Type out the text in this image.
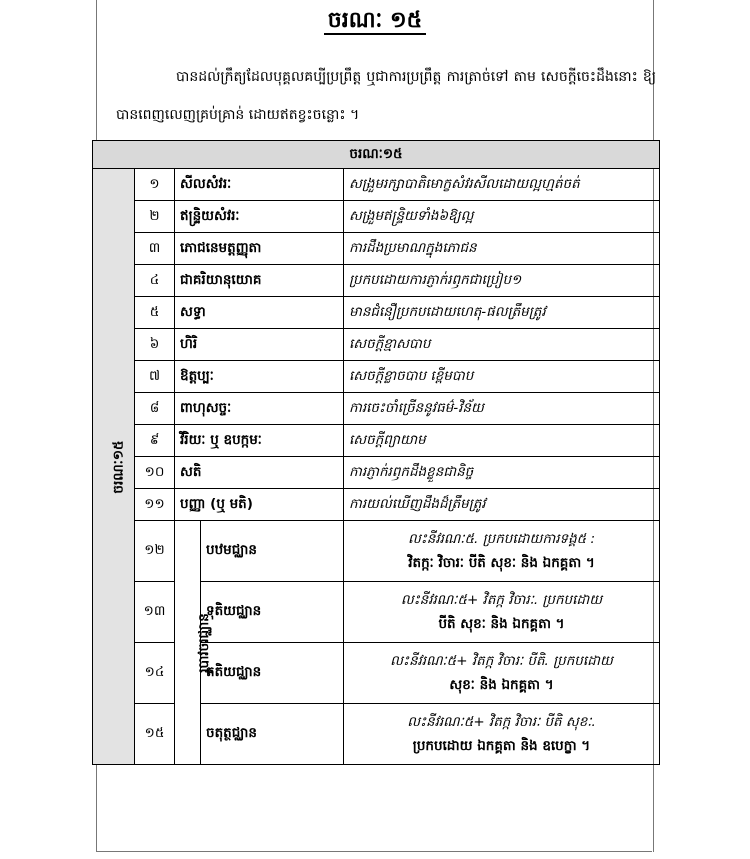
ចរណៈ ១៥
បានដល់ក្រឹត្យដែលបុគ្គលគប្បីប្រព្រឹត្ត ឬជាការប្រព្រឹត្ត ការត្រាច់ទៅ តាម សេចក្ដីចេះដឹងនោះ ឱ្យបានពេញលេញគ្រប់គ្រាន់ ដោយឥតខ្វះចន្លោះ ។
ចរណៈ១៥				
ចរណៈ១៥	១	សីលសំវរៈ		សង្រួមរក្សាបាតិមោក្ខសំវរសីលដោយល្អហ្មត់ចត់
	២	ឥន្ទ្រិយសំវរៈ		សង្រួមឥន្ទ្រិយទាំង៦ឱ្យល្អ
	៣	ភោជនេមត្តញ្ញុតា		ការដឹងប្រមាណក្នុងភោជន
	៤	ជាគរិយានុយោគ		ប្រកបដោយការភ្ញាក់រឭកជាប្រៀប១
	៥	សទ្ធា		មានជំនឿប្រកបដោយហេតុ-ផលត្រឹមត្រូវ
	៦	ហិរិ		សេចក្ដីខ្មាសបាប
	៧	ឱត្តប្បៈ		សេចក្ដីខ្លាចបាប ខ្ពើមបាប
	៨	ពាហុសច្ចៈ		ការចេះចាំច្រើននូវធម៌-វិន័យ
	៩	វីរិយៈ ឬ ឧបក្កមៈ		សេចក្ដីព្យាយាម
	១០	សតិ		ការភ្ញាក់រឭកដឹងខ្លួនជានិច្ច
	១១	បញ្ញា (ឬ មតិ)		ការយល់ឃើញដឹងដ៏ត្រឹមត្រូវ
	១២	រូបាវចរជ្ឈាន	បឋមជ្ឈាន	លះនីវរណៈ៥. ប្រកបដោយការទង្គ៥ :
វិតក្កៈ វិចារៈ បីតិ សុខៈ និង ឯកគ្គតា ។
	១៣		ទុតិយជ្ឈាន	លះនីវរណៈ៥+ វិតក្ក វិចារៈ. ប្រកបដោយ
បីតិ សុខៈ និង ឯកគ្គតា ។
	១៤		តតិយជ្ឈាន	លះនីវរណៈ៥+ វិតក្ក វិចារៈ បីតិ. ប្រកបដោយ
សុខៈ និង ឯកគ្គតា ។
	១៥		ចតុត្ថជ្ឈាន	លះនីវរណៈ៥+ វិតក្ក វិចារៈ បីតិ សុខៈ.
ប្រកបដោយ ឯកគ្គតា និង ឧបេក្ខា ។
